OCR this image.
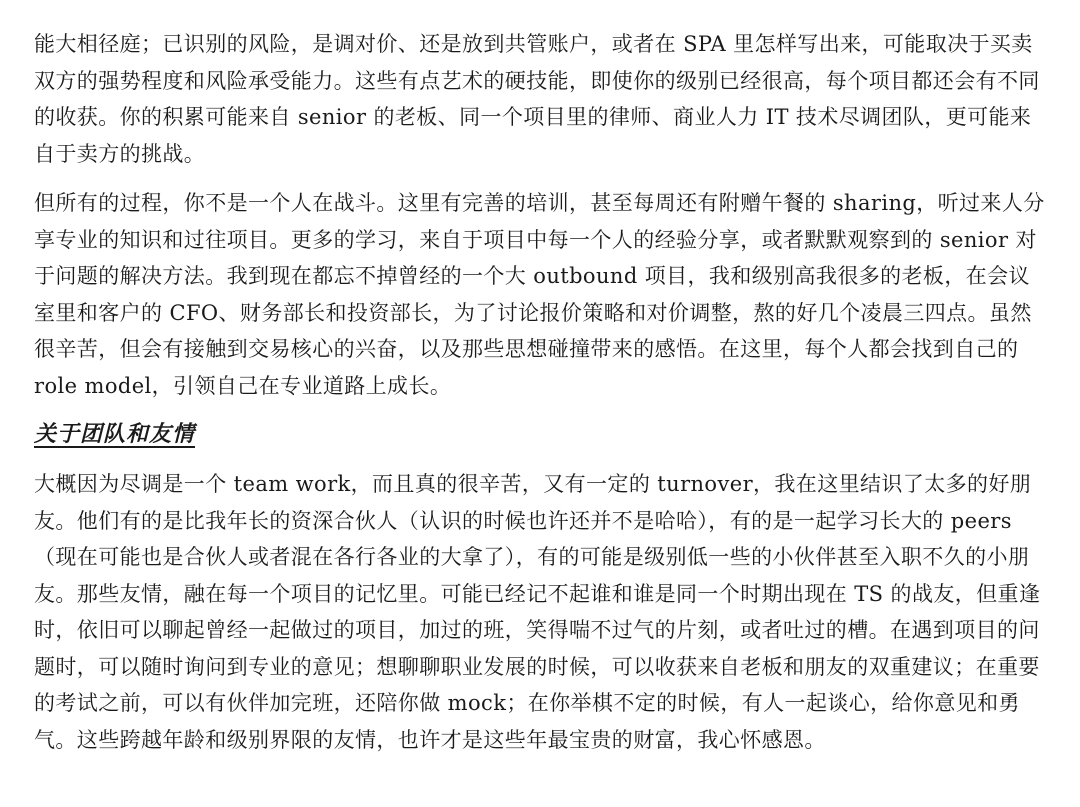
能大相径庭；已识别的风险，是调对价、还是放到共管账户，或者在 SPA 里怎样写出来，可能取决于买卖双方的强势程度和风险承受能力。这些有点艺术的硬技能，即使你的级别已经很高，每个项目都还会有不同的收获。你的积累可能来自 senior 的老板、同一个项目里的律师、商业人力 IT 技术尽调团队，更可能来自于卖方的挑战。

但所有的过程，你不是一个人在战斗。这里有完善的培训，甚至每周还有附赠午餐的 sharing，听过来人分享专业的知识和过往项目。更多的学习，来自于项目中每一个人的经验分享，或者默默观察到的 senior 对于问题的解决方法。我到现在都忘不掉曾经的一个大 outbound 项目，我和级别高我很多的老板，在会议室里和客户的 CFO、财务部长和投资部长，为了讨论报价策略和对价调整，熬的好几个凌晨三四点。虽然很辛苦，但会有接触到交易核心的兴奋，以及那些思想碰撞带来的感悟。在这里，每个人都会找到自己的 role model，引领自己在专业道路上成长。

关于团队和友情

大概因为尽调是一个 team work，而且真的很辛苦，又有一定的 turnover，我在这里结识了太多的好朋友。他们有的是比我年长的资深合伙人（认识的时候也许还并不是哈哈），有的是一起学习长大的 peers（现在可能也是合伙人或者混在各行各业的大拿了），有的可能是级别低一些的小伙伴甚至入职不久的小朋友。那些友情，融在每一个项目的记忆里。可能已经记不起谁和谁是同一个时期出现在 TS 的战友，但重逢时，依旧可以聊起曾经一起做过的项目，加过的班，笑得喘不过气的片刻，或者吐过的槽。在遇到项目的问题时，可以随时询问到专业的意见；想聊聊职业发展的时候，可以收获来自老板和朋友的双重建议；在重要的考试之前，可以有伙伴加完班，还陪你做 mock；在你举棋不定的时候，有人一起谈心，给你意见和勇气。这些跨越年龄和级别界限的友情，也许才是这些年最宝贵的财富，我心怀感恩。
